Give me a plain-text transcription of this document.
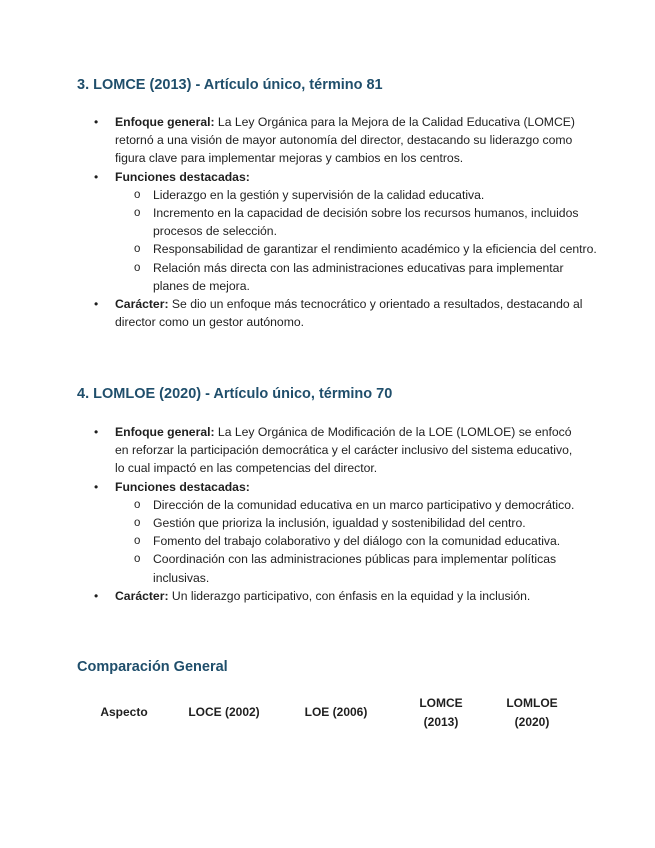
3. LOMCE (2013) - Artículo único, término 81
• Enfoque general: La Ley Orgánica para la Mejora de la Calidad Educativa (LOMCE) retornó a una visión de mayor autonomía del director, destacando su liderazgo como figura clave para implementar mejoras y cambios en los centros.
• Funciones destacadas:
o Liderazgo en la gestión y supervisión de la calidad educativa.
o Incremento en la capacidad de decisión sobre los recursos humanos, incluidos procesos de selección.
o Responsabilidad de garantizar el rendimiento académico y la eficiencia del centro.
o Relación más directa con las administraciones educativas para implementar planes de mejora.
• Carácter: Se dio un enfoque más tecnocrático y orientado a resultados, destacando al director como un gestor autónomo.
4. LOMLOE (2020) - Artículo único, término 70
• Enfoque general: La Ley Orgánica de Modificación de la LOE (LOMLOE) se enfocó en reforzar la participación democrática y el carácter inclusivo del sistema educativo, lo cual impactó en las competencias del director.
• Funciones destacadas:
o Dirección de la comunidad educativa en un marco participativo y democrático.
o Gestión que prioriza la inclusión, igualdad y sostenibilidad del centro.
o Fomento del trabajo colaborativo y del diálogo con la comunidad educativa.
o Coordinación con las administraciones públicas para implementar políticas inclusivas.
• Carácter: Un liderazgo participativo, con énfasis en la equidad y la inclusión.
Comparación General
Aspecto	LOCE (2002)	LOE (2006)
LOMCE (2013)
LOMLOE (2020)
